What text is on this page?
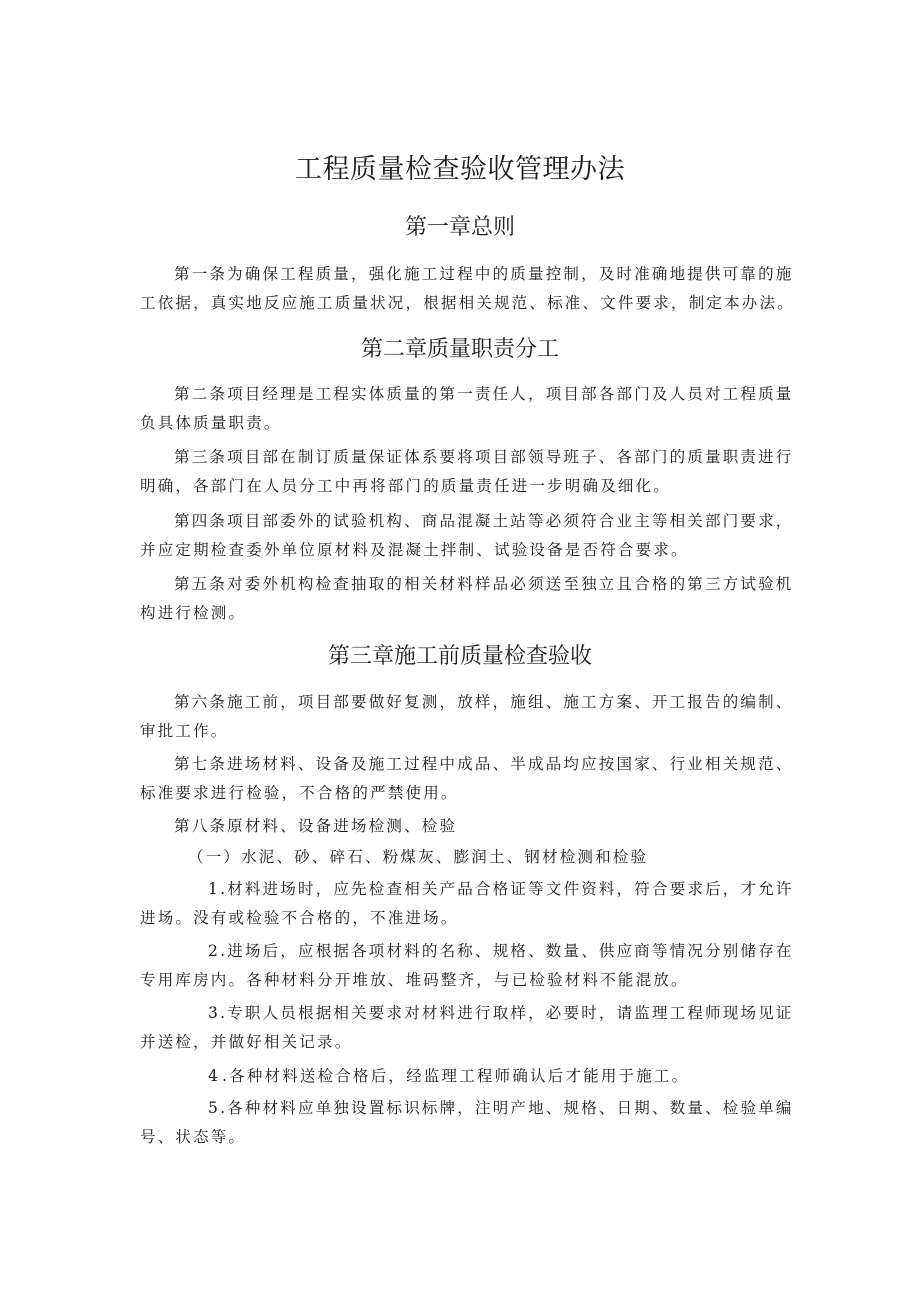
工程质量检查验收管理办法
第一章总则

第一条为确保工程质量，强化施工过程中的质量控制，及时准确地提供可靠的施工依据，真实地反应施工质量状况，根据相关规范、标准、文件要求，制定本办法。

第二章质量职责分工

第二条项目经理是工程实体质量的第一责任人，项目部各部门及人员对工程质量负具体质量职责。

第三条项目部在制订质量保证体系要将项目部领导班子、各部门的质量职责进行明确，各部门在人员分工中再将部门的质量责任进一步明确及细化。

第四条项目部委外的试验机构、商品混凝土站等必须符合业主等相关部门要求，并应定期检查委外单位原材料及混凝土拌制、试验设备是否符合要求。

第五条对委外机构检查抽取的相关材料样品必须送至独立且合格的第三方试验机构进行检测。

第三章施工前质量检查验收

第六条施工前，项目部要做好复测，放样，施组、施工方案、开工报告的编制、审批工作。

第七条进场材料、设备及施工过程中成品、半成品均应按国家、行业相关规范、标准要求进行检验，不合格的严禁使用。

第八条原材料、设备进场检测、检验

（一）水泥、砂、碎石、粉煤灰、膨润土、钢材检测和检验

1.材料进场时，应先检查相关产品合格证等文件资料，符合要求后，才允许进场。没有或检验不合格的，不准进场。

2.进场后，应根据各项材料的名称、规格、数量、供应商等情况分别储存在专用库房内。各种材料分开堆放、堆码整齐，与已检验材料不能混放。

3.专职人员根据相关要求对材料进行取样，必要时，请监理工程师现场见证并送检，并做好相关记录。

4 .各种材料送检合格后，经监理工程师确认后才能用于施工。

5.各种材料应单独设置标识标牌，注明产地、规格、日期、数量、检验单编号、状态等。
